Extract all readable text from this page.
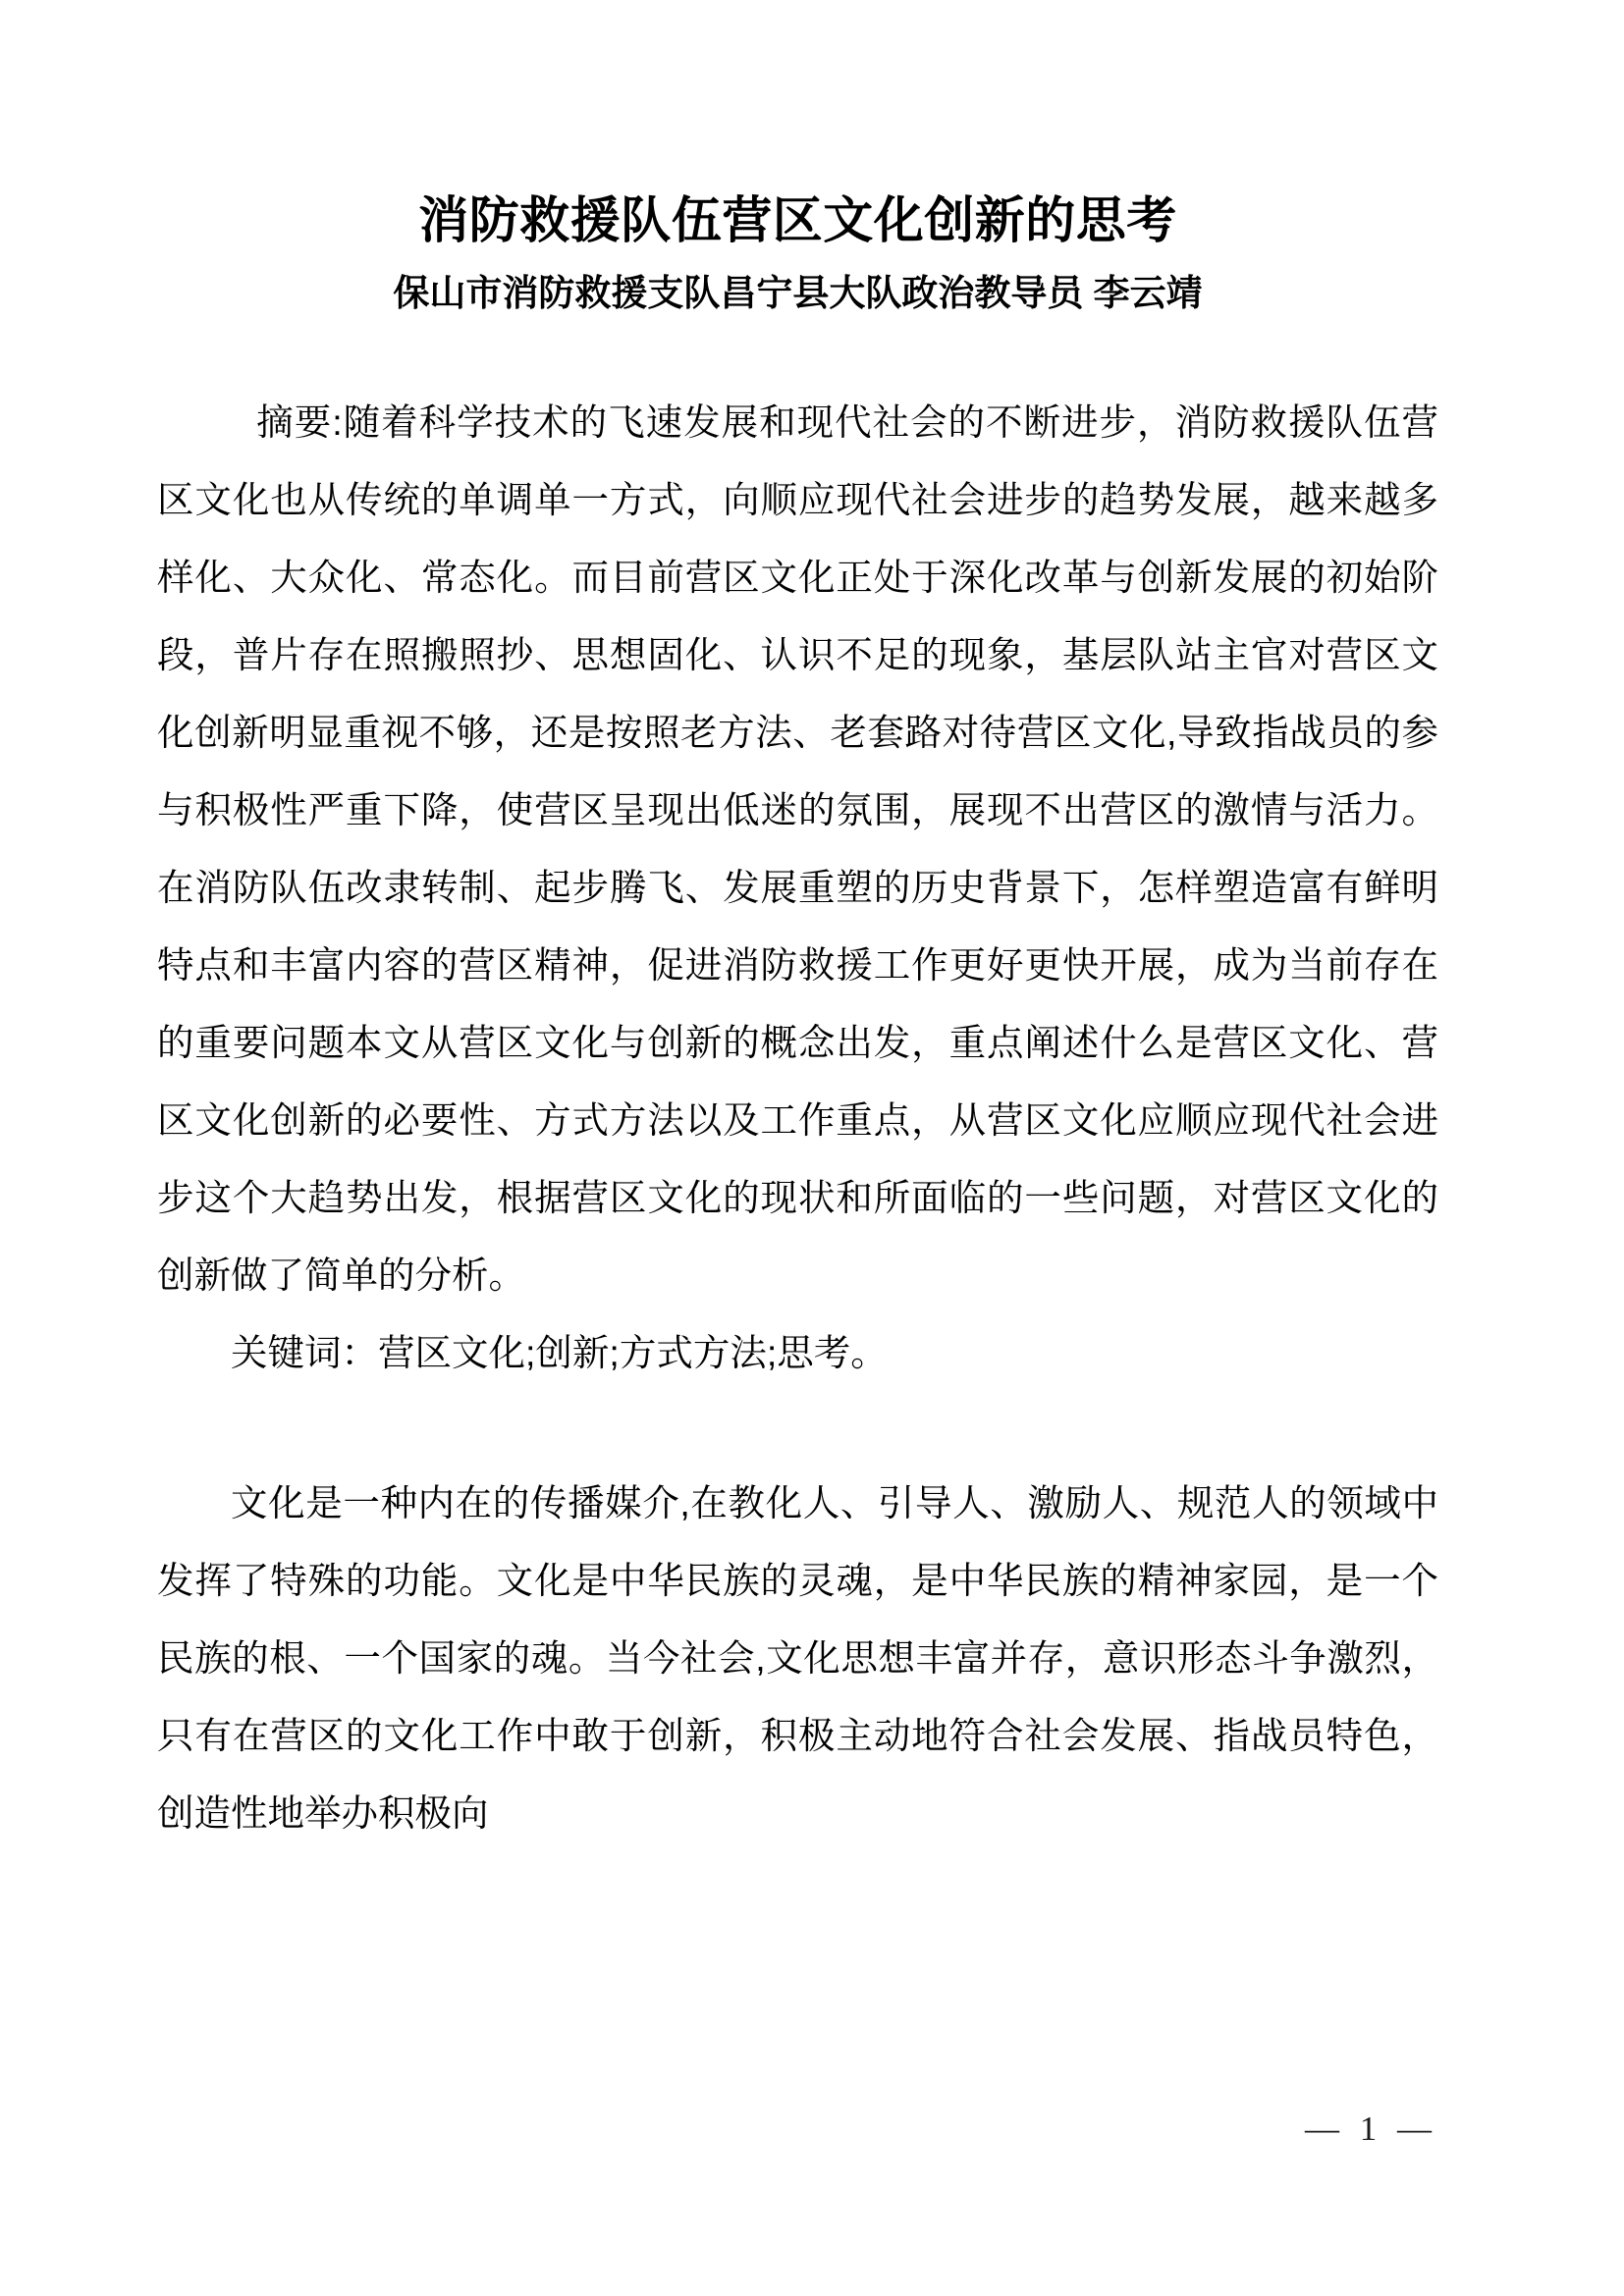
消防救援队伍营区文化创新的思考
保山市消防救援支队昌宁县大队政治教导员 李云靖

摘要:随着科学技术的飞速发展和现代社会的不断进步，消防救援队伍营区文化也从传统的单调单一方式，向顺应现代社会进步的趋势发展，越来越多样化、大众化、常态化。而目前营区文化正处于深化改革与创新发展的初始阶段，普片存在照搬照抄、思想固化、认识不足的现象，基层队站主官对营区文化创新明显重视不够，还是按照老方法、老套路对待营区文化,导致指战员的参与积极性严重下降，使营区呈现出低迷的氛围，展现不出营区的激情与活力。在消防队伍改隶转制、起步腾飞、发展重塑的历史背景下，怎样塑造富有鲜明特点和丰富内容的营区精神，促进消防救援工作更好更快开展，成为当前存在的重要问题本文从营区文化与创新的概念出发，重点阐述什么是营区文化、营区文化创新的必要性、方式方法以及工作重点，从营区文化应顺应现代社会进步这个大趋势出发，根据营区文化的现状和所面临的一些问题，对营区文化的创新做了简单的分析。

关键词：营区文化;创新;方式方法;思考。

文化是一种内在的传播媒介,在教化人、引导人、激励人、规范人的领域中发挥了特殊的功能。文化是中华民族的灵魂，是中华民族的精神家园，是一个民族的根、一个国家的魂。当今社会,文化思想丰富并存，意识形态斗争激烈，只有在营区的文化工作中敢于创新，积极主动地符合社会发展、指战员特色，创造性地举办积极向

— 1 —
